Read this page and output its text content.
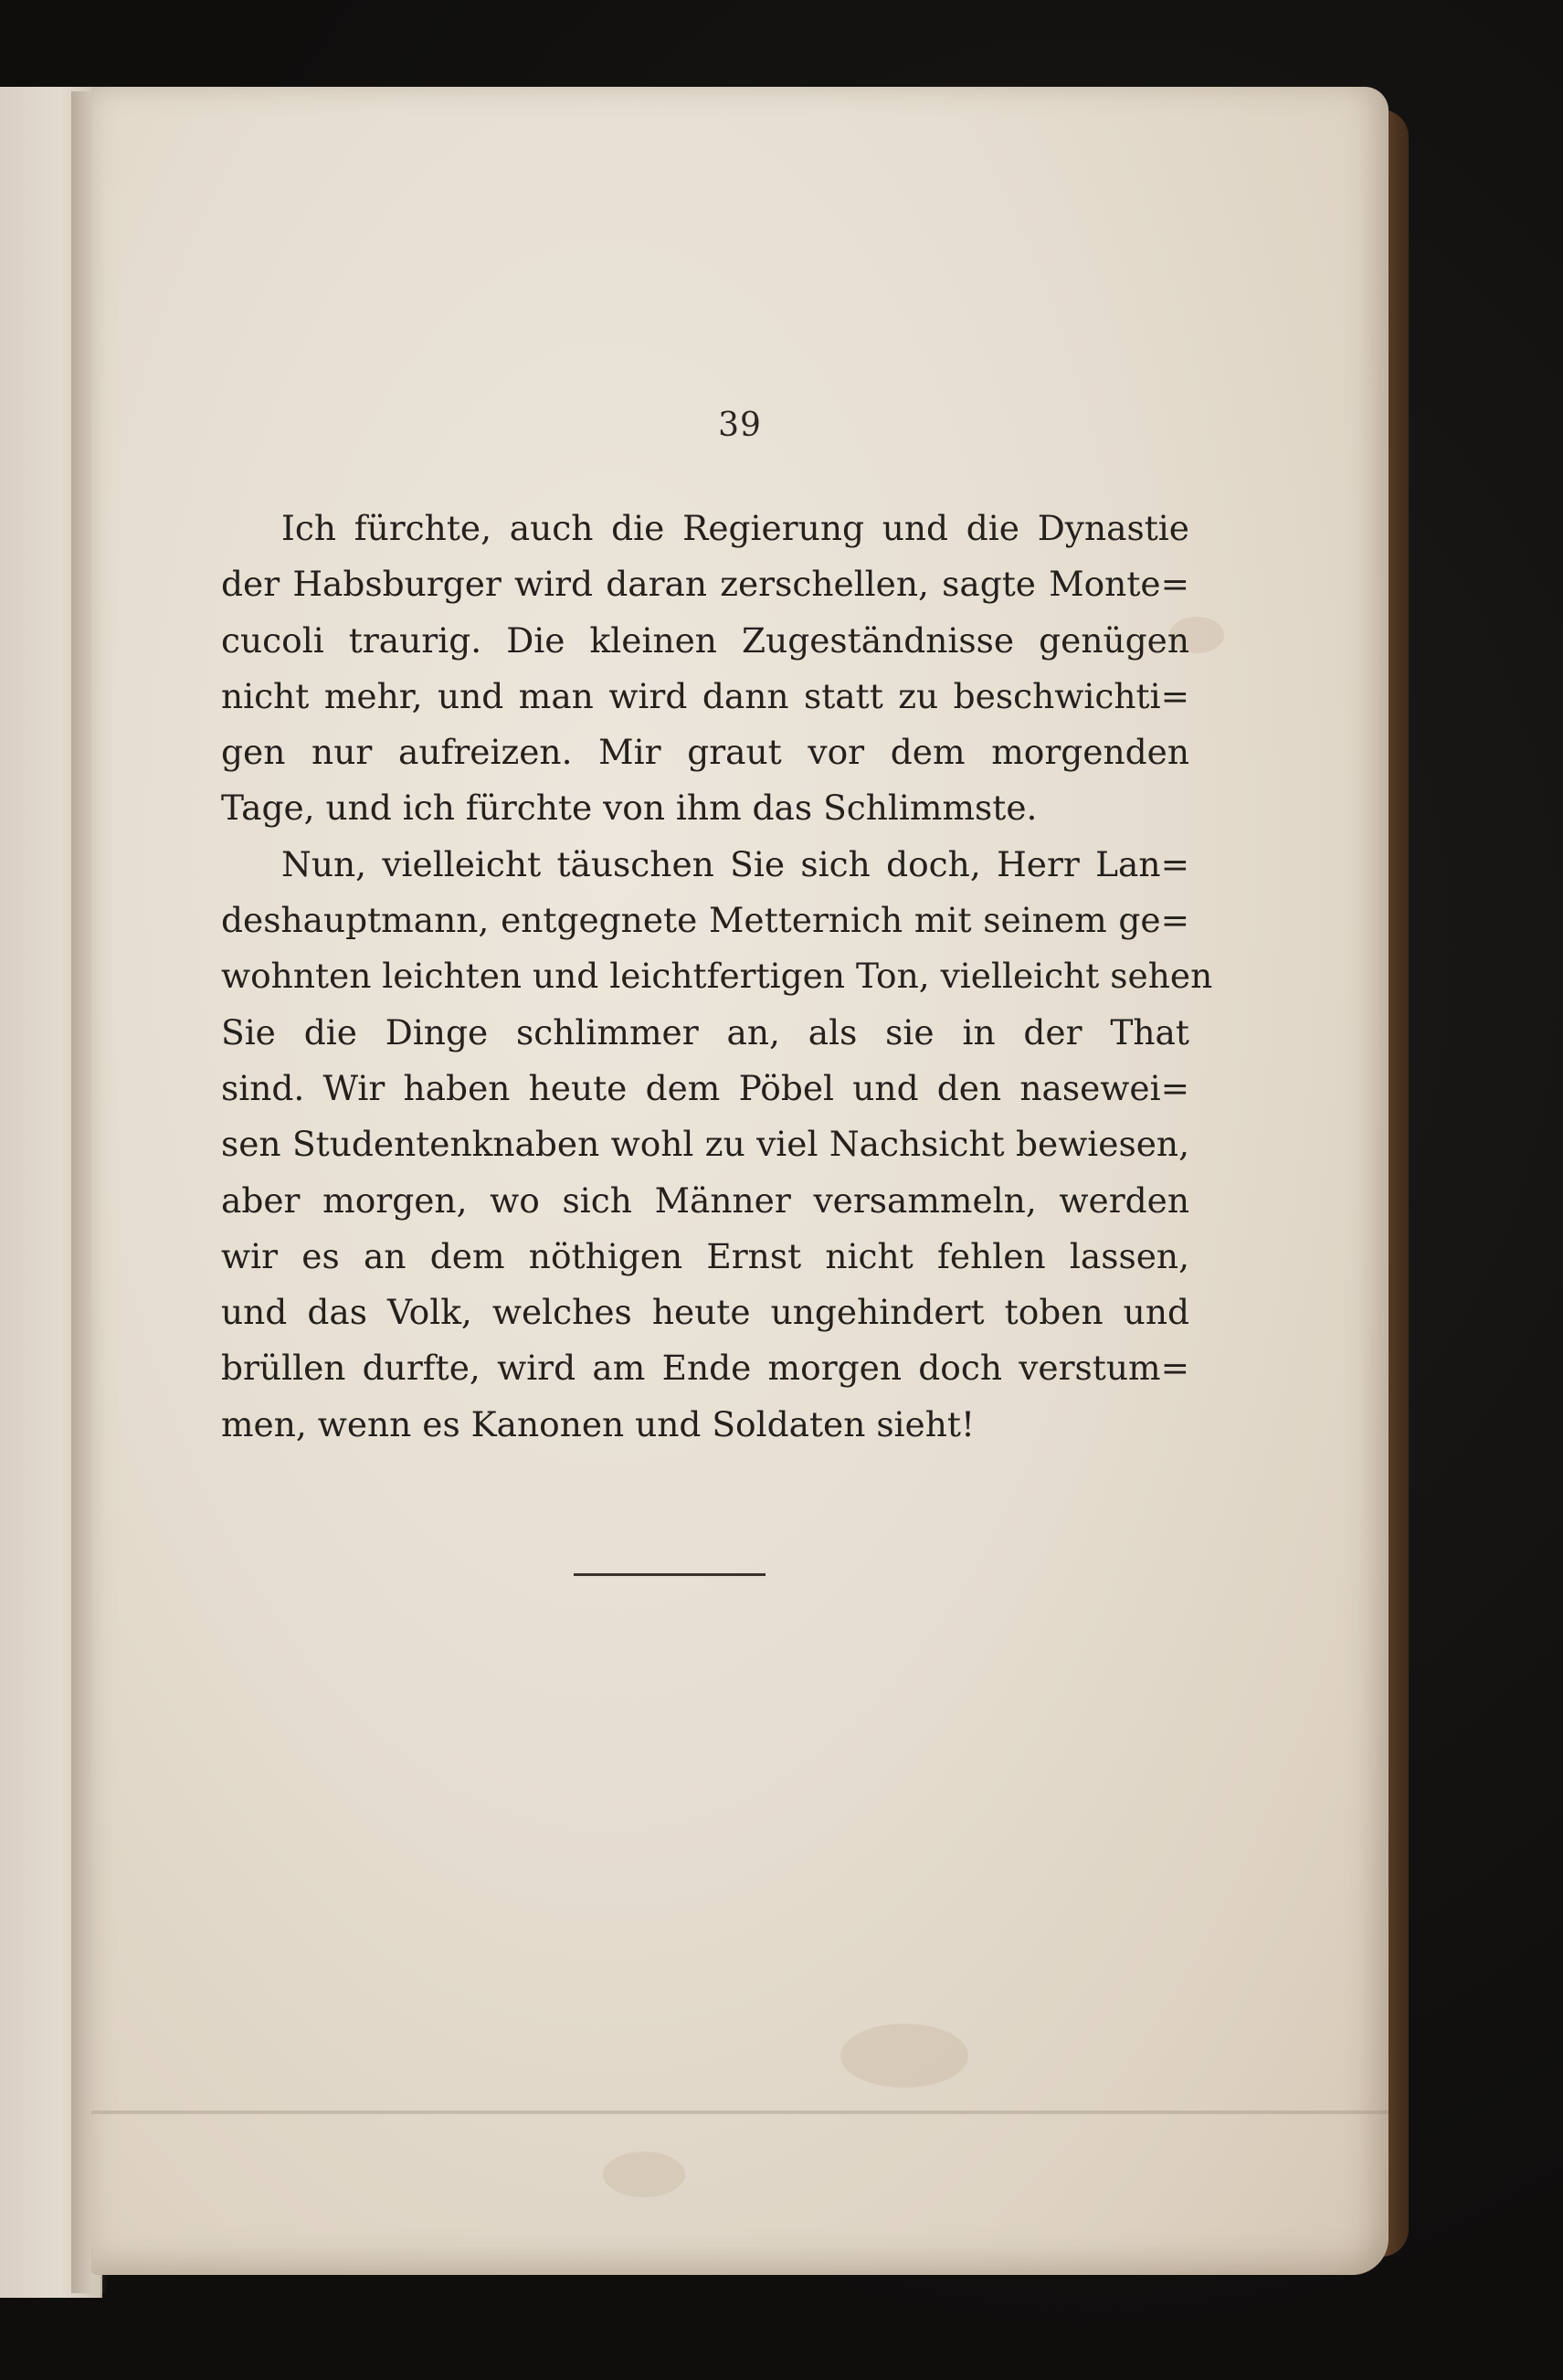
39
Ich fürchte, auch die Regierung und die Dynastie
der Habsburger wird daran zerschellen, sagte Monte=
cucoli traurig. Die kleinen Zugeständnisse genügen
nicht mehr, und man wird dann statt zu beschwichti=
gen nur aufreizen. Mir graut vor dem morgenden
Tage, und ich fürchte von ihm das Schlimmste.
Nun, vielleicht täuschen Sie sich doch, Herr Lan=
deshauptmann, entgegnete Metternich mit seinem ge=
wohnten leichten und leichtfertigen Ton, vielleicht sehen
Sie die Dinge schlimmer an, als sie in der That
sind. Wir haben heute dem Pöbel und den nasewei=
sen Studentenknaben wohl zu viel Nachsicht bewiesen,
aber morgen, wo sich Männer versammeln, werden
wir es an dem nöthigen Ernst nicht fehlen lassen,
und das Volk, welches heute ungehindert toben und
brüllen durfte, wird am Ende morgen doch verstum=
men, wenn es Kanonen und Soldaten sieht!
